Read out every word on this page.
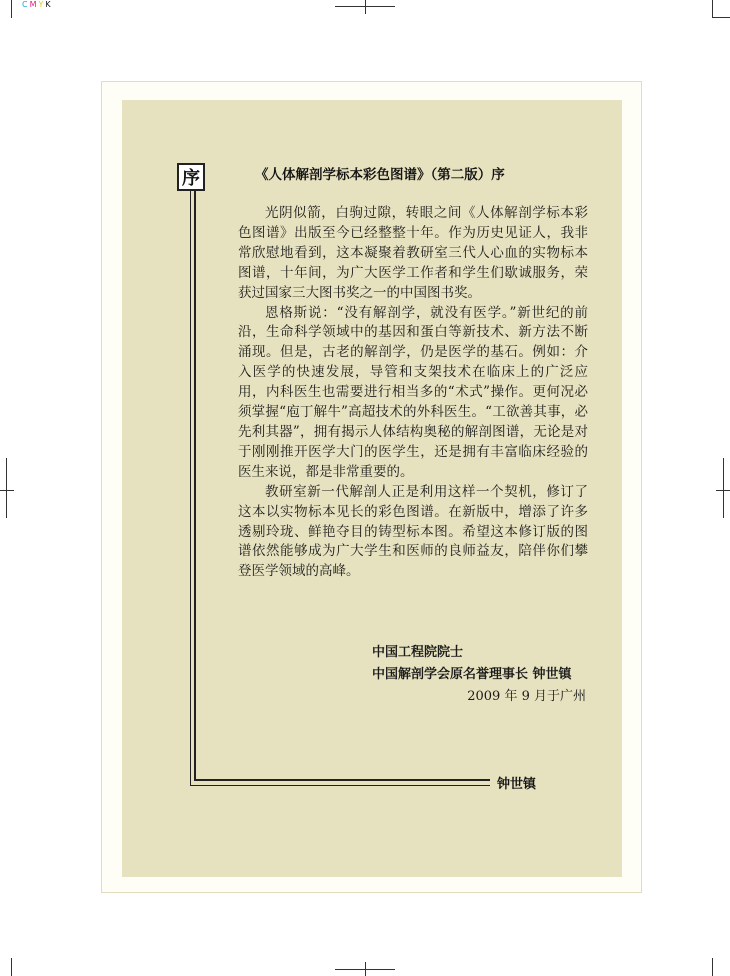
CMYK
序	《人体解剖学标本彩色图谱》（第二版）序

光阴似箭，白驹过隙，转眼之间《人体解剖学标本彩色图谱》出版至今已经整整十年。作为历史见证人，我非常欣慰地看到，这本凝聚着教研室三代人心血的实物标本图谱，十年间，为广大医学工作者和学生们歇诚服务，荣获过国家三大图书奖之一的中国图书奖。

恩格斯说：“没有解剖学，就没有医学。”新世纪的前沿，生命科学领域中的基因和蛋白等新技术、新方法不断涌现。但是，古老的解剖学，仍是医学的基石。例如：介入医学的快速发展，导管和支架技术在临床上的广泛应用，内科医生也需要进行相当多的“术式”操作。更何况必须掌握“庖丁解牛”高超技术的外科医生。“工欲善其事，必先利其器”，拥有揭示人体结构奥秘的解剖图谱，无论是对于刚刚推开医学大门的医学生，还是拥有丰富临床经验的医生来说，都是非常重要的。

教研室新一代解剖人正是利用这样一个契机，修订了这本以实物标本见长的彩色图谱。在新版中，增添了许多透剔玲珑、鲜艳夺目的铸型标本图。希望这本修订版的图谱依然能够成为广大学生和医师的良师益友，陪伴你们攀登医学领域的高峰。

中国工程院院士
中国解剖学会原名誉理事长 钟世镇
2009 年 9 月于广州
钟世镇
